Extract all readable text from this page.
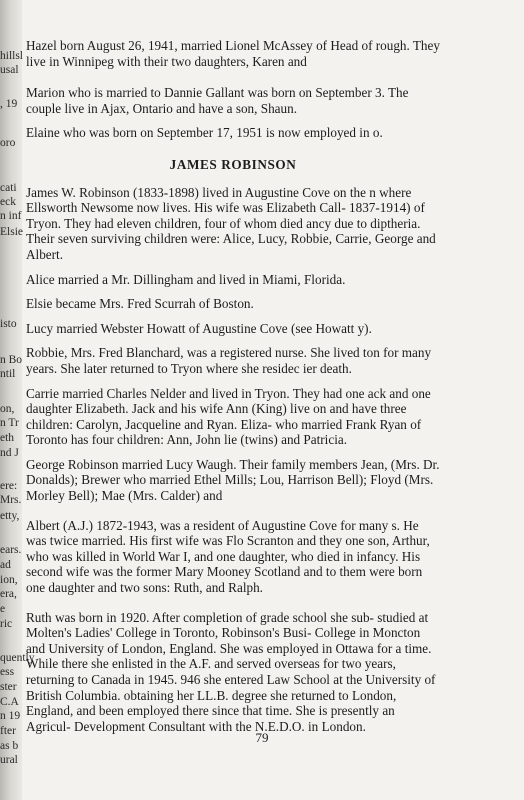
hillsl
usal
, 19
oro
cati
eck
n inf
Elsie
isto
n Bo
ntil
on,
n Tr
eth
nd J
ere:
Mrs.
etty,
ears.
ad
ion,
era,
e
ric
quently
ess
ster
C.A
n 19
fter
as b
ural

Hazel born August 26, 1941, married Lionel McAssey of Head of rough. They live in Winnipeg with their two daughters, Karen and

Marion who is married to Dannie Gallant was born on September 3. The couple live in Ajax, Ontario and have a son, Shaun.

Elaine who was born on September 17, 1951 is now employed in o.

JAMES ROBINSON

James W. Robinson (1833-1898) lived in Augustine Cove on the n where Ellsworth Newsome now lives. His wife was Elizabeth Call- 1837-1914) of Tryon. They had eleven children, four of whom died ancy due to diptheria. Their seven surviving children were: Alice, Lucy, Robbie, Carrie, George and Albert.

Alice married a Mr. Dillingham and lived in Miami, Florida.

Elsie became Mrs. Fred Scurrah of Boston.

Lucy married Webster Howatt of Augustine Cove (see Howatt y).

Robbie, Mrs. Fred Blanchard, was a registered nurse. She lived ton for many years. She later returned to Tryon where she residec ier death.

Carrie married Charles Nelder and lived in Tryon. They had one ack and one daughter Elizabeth. Jack and his wife Ann (King) live on and have three children: Carolyn, Jacqueline and Ryan. Eliza- who married Frank Ryan of Toronto has four children: Ann, John lie (twins) and Patricia.

George Robinson married Lucy Waugh. Their family members Jean, (Mrs. Dr. Donalds); Brewer who married Ethel Mills; Lou, Harrison Bell); Floyd (Mrs. Morley Bell); Mae (Mrs. Calder) and

Albert (A.J.) 1872-1943, was a resident of Augustine Cove for many s. He was twice married. His first wife was Flo Scranton and they one son, Arthur, who was killed in World War I, and one daughter, who died in infancy. His second wife was the former Mary Mooney Scotland and to them were born one daughter and two sons: Ruth, and Ralph.

Ruth was born in 1920. After completion of grade school she sub- studied at Molten's Ladies' College in Toronto, Robinson's Busi- College in Moncton and University of London, England. She was employed in Ottawa for a time. While there she enlisted in the A.F. and served overseas for two years, returning to Canada in 1945. 946 she entered Law School at the University of British Columbia. obtaining her LL.B. degree she returned to London, England, and been employed there since that time. She is presently an Agricul- Development Consultant with the N.E.D.O. in London.

79
